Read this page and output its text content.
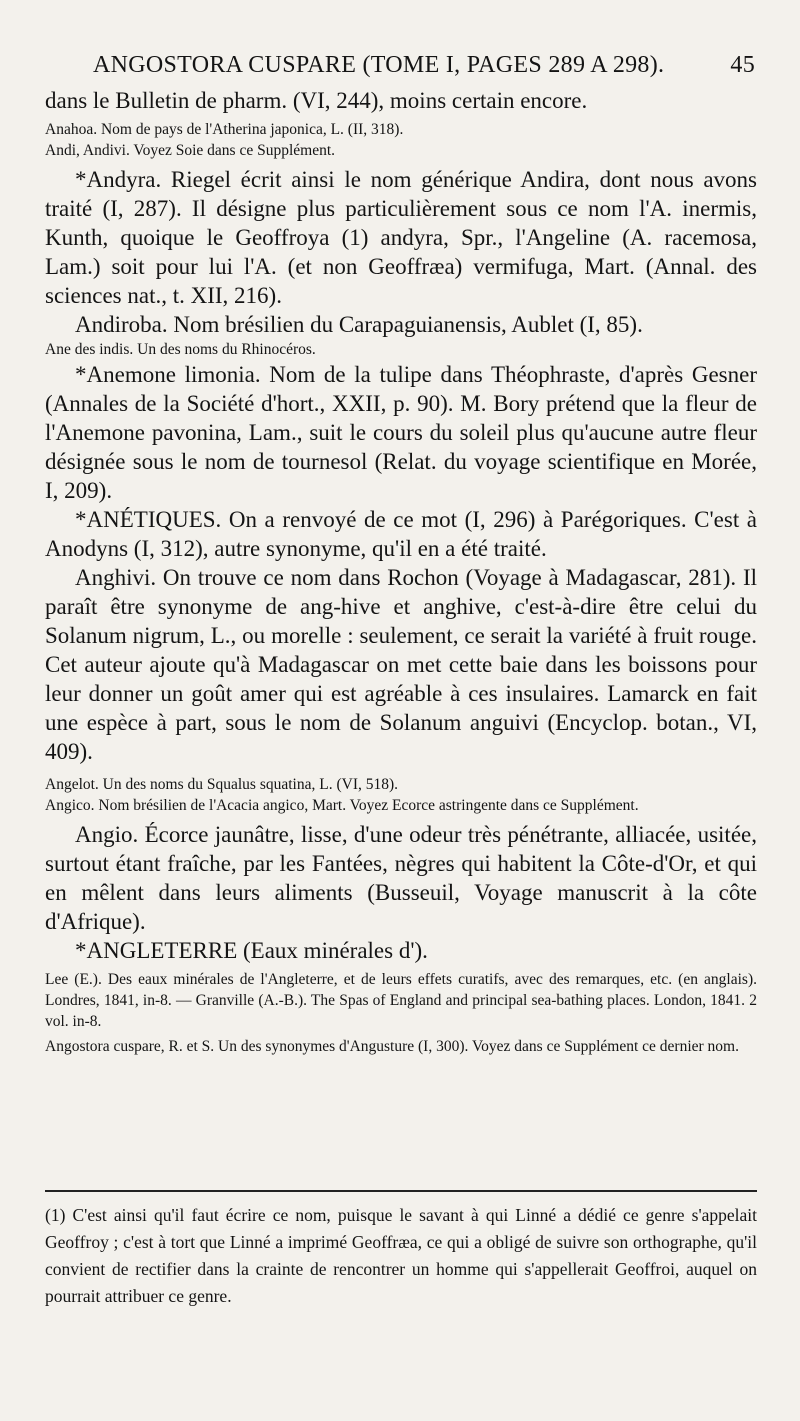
ANGOSTORA CUSPARE (TOME I, PAGES 289 A 298).	45

dans le Bulletin de pharm. (VI, 244), moins certain encore.

Anahoa. Nom de pays de l'Atherina japonica, L. (II, 318).

Andi, Andivi. Voyez Soie dans ce Supplément.

*Andyra. Riegel écrit ainsi le nom générique Andira, dont nous avons traité (I, 287). Il désigne plus particulièrement sous ce nom l'A. inermis, Kunth, quoique le Geoffroya (1) andyra, Spr., l'Angeline (A. racemosa, Lam.) soit pour lui l'A. (et non Geoffræa) vermifuga, Mart. (Annal. des sciences nat., t. XII, 216).

Andiroba. Nom brésilien du Carapaguianensis, Aublet (I, 85).

Ane des indis. Un des noms du Rhinocéros.

*Anemone limonia. Nom de la tulipe dans Théophraste, d'après Gesner (Annales de la Société d'hort., XXII, p. 90). M. Bory prétend que la fleur de l'Anemone pavonina, Lam., suit le cours du soleil plus qu'aucune autre fleur désignée sous le nom de tournesol (Relat. du voyage scientifique en Morée, I, 209).

*ANÉTIQUES. On a renvoyé de ce mot (I, 296) à Parégoriques. C'est à Anodyns (I, 312), autre synonyme, qu'il en a été traité.

Anghivi. On trouve ce nom dans Rochon (Voyage à Madagascar, 281). Il paraît être synonyme de ang-hive et anghive, c'est-à-dire être celui du Solanum nigrum, L., ou morelle : seulement, ce serait la variété à fruit rouge. Cet auteur ajoute qu'à Madagascar on met cette baie dans les boissons pour leur donner un goût amer qui est agréable à ces insulaires. Lamarck en fait une espèce à part, sous le nom de Solanum anguivi (Encyclop. botan., VI, 409).

Angelot. Un des noms du Squalus squatina, L. (VI, 518).

Angico. Nom brésilien de l'Acacia angico, Mart. Voyez Ecorce astringente dans ce Supplément.

Angio. Écorce jaunâtre, lisse, d'une odeur très pénétrante, alliacée, usitée, surtout étant fraîche, par les Fantées, nègres qui habitent la Côte-d'Or, et qui en mêlent dans leurs aliments (Busseuil, Voyage manuscrit à la côte d'Afrique).

*ANGLETERRE (Eaux minérales d').

Lee (E.). Des eaux minérales de l'Angleterre, et de leurs effets curatifs, avec des remarques, etc. (en anglais). Londres, 1841, in-8. — Granville (A.-B.). The Spas of England and principal sea-bathing places. London, 1841. 2 vol. in-8.

Angostora cuspare, R. et S. Un des synonymes d'Angusture (I, 300). Voyez dans ce Supplément ce dernier nom.

(1) C'est ainsi qu'il faut écrire ce nom, puisque le savant à qui Linné a dédié ce genre s'appelait Geoffroy ; c'est à tort que Linné a imprimé Geoffræa, ce qui a obligé de suivre son orthographe, qu'il convient de rectifier dans la crainte de rencontrer un homme qui s'appellerait Geoffroi, auquel on pourrait attribuer ce genre.
